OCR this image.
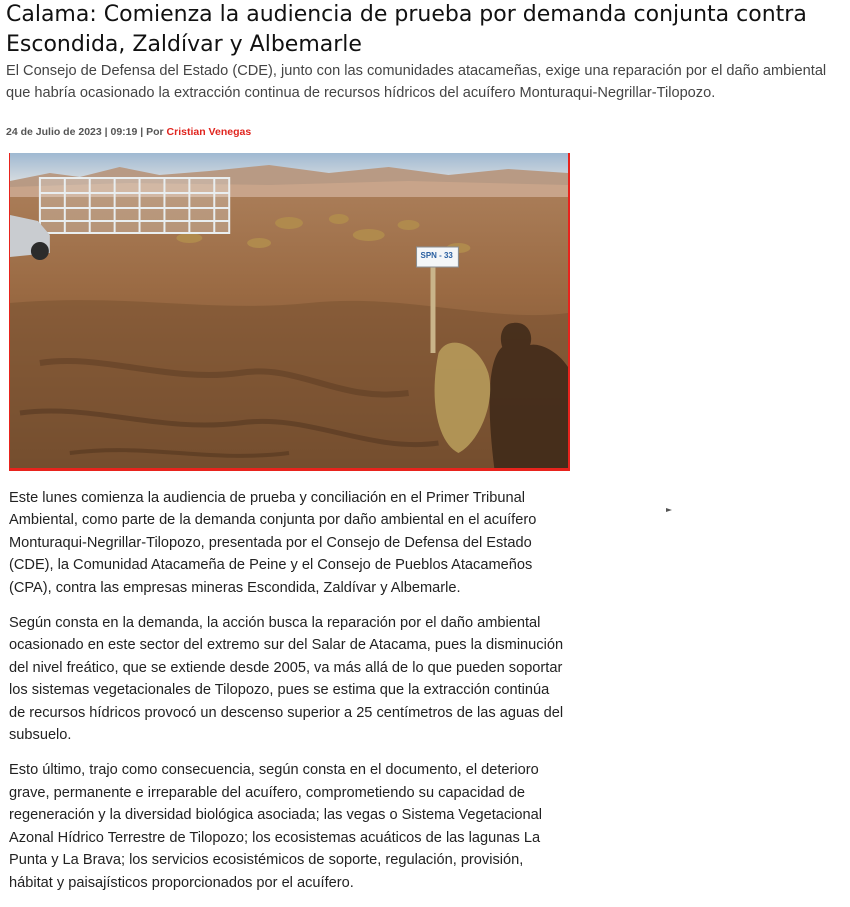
Calama: Comienza la audiencia de prueba por demanda conjunta contra Escondida, Zaldívar y Albemarle

El Consejo de Defensa del Estado (CDE), junto con las comunidades atacameñas, exige una reparación por el daño ambiental que habría ocasionado la extracción continua de recursos hídricos del acuífero Monturaqui-Negrillar-Tilopozo.

24 de Julio de 2023 | 09:19 | Por Cristian Venegas

SPN - 33

Este lunes comienza la audiencia de prueba y conciliación en el Primer Tribunal Ambiental, como parte de la demanda conjunta por daño ambiental en el acuífero Monturaqui-Negrillar-Tilopozo, presentada por el Consejo de Defensa del Estado (CDE), la Comunidad Atacameña de Peine y el Consejo de Pueblos Atacameños (CPA), contra las empresas mineras Escondida, Zaldívar y Albemarle.

Según consta en la demanda, la acción busca la reparación por el daño ambiental ocasionado en este sector del extremo sur del Salar de Atacama, pues la disminución del nivel freático, que se extiende desde 2005, va más allá de lo que pueden soportar los sistemas vegetacionales de Tilopozo, pues se estima que la extracción continúa de recursos hídricos provocó un descenso superior a 25 centímetros de las aguas del subsuelo.

Esto último, trajo como consecuencia, según consta en el documento, el deterioro grave, permanente e irreparable del acuífero, comprometiendo su capacidad de regeneración y la diversidad biológica asociada; las vegas o Sistema Vegetacional Azonal Hídrico Terrestre de Tilopozo; los ecosistemas acuáticos de las lagunas La Punta y La Brava; los servicios ecosistémicos de soporte, regulación, provisión, hábitat y paisajísticos proporcionados por el acuífero.
